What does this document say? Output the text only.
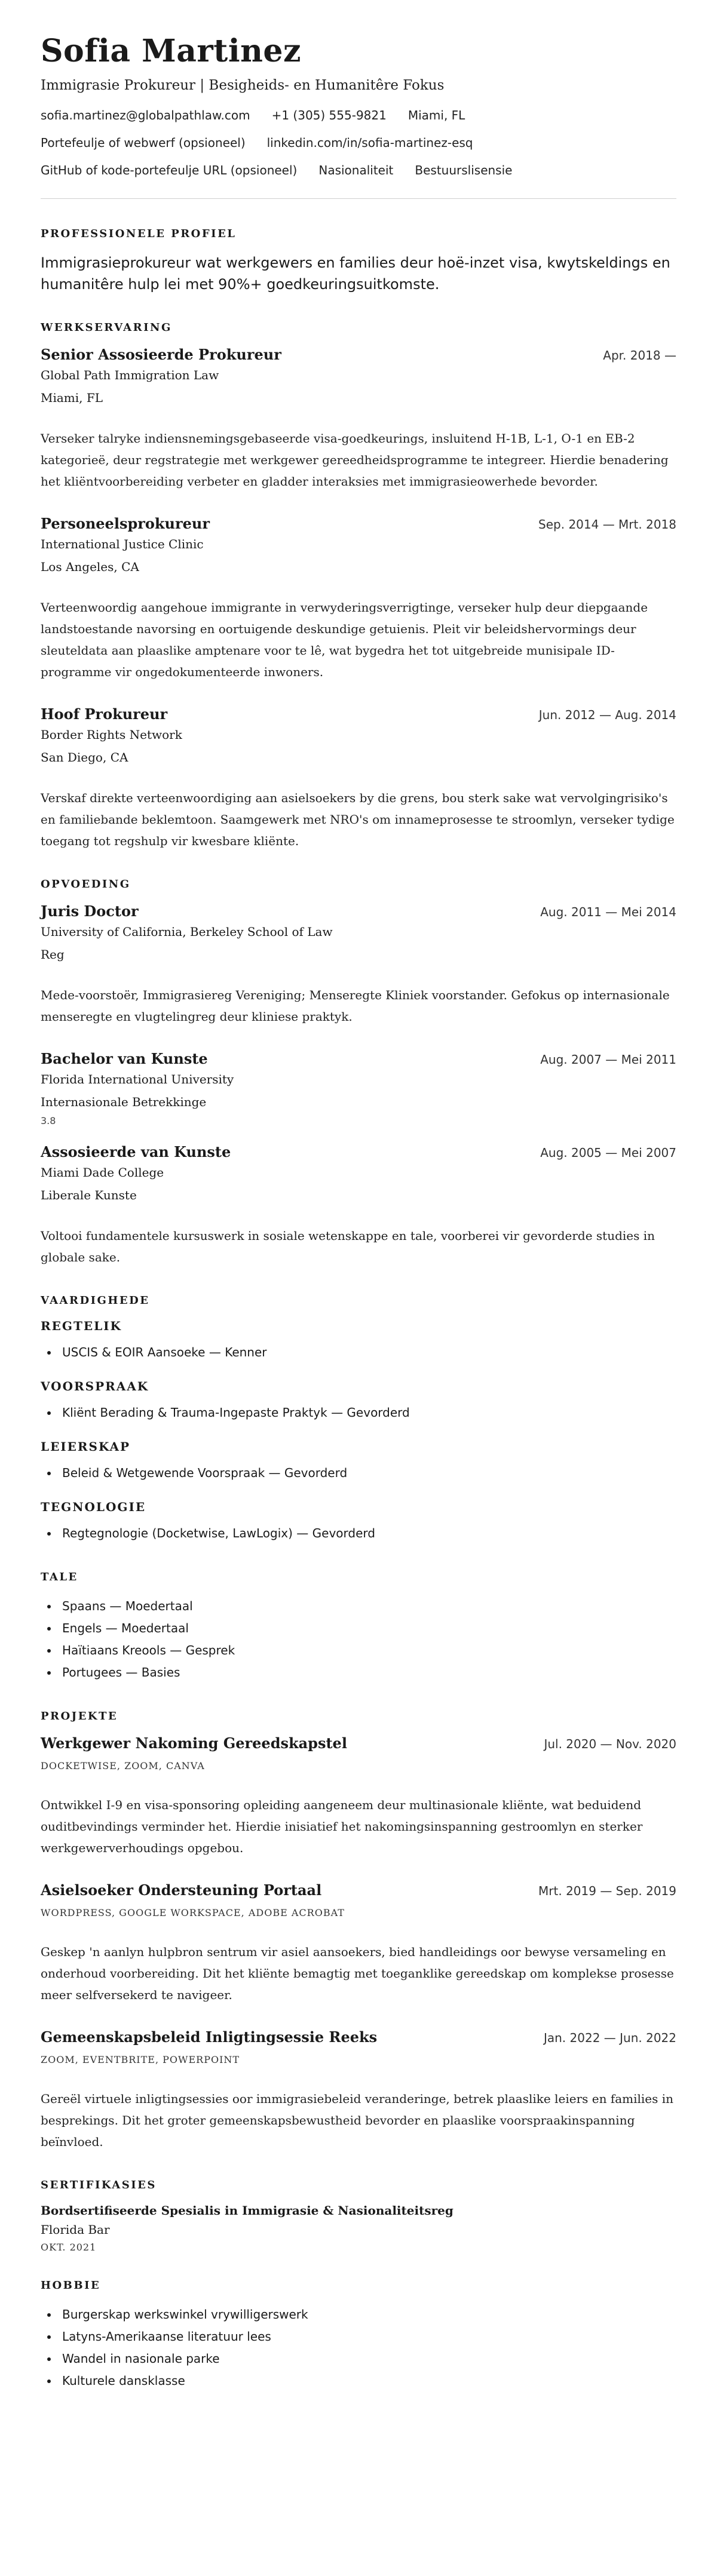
Sofia Martinez
Immigrasie Prokureur | Besigheids- en Humanitêre Fokus
sofia.martinez@globalpathlaw.com +1 (305) 555-9821 Miami, FL
Portefeulje of webwerf (opsioneel) linkedin.com/in/sofia-martinez-esq
GitHub of kode-portefeulje URL (opsioneel) Nasionaliteit Bestuurslisensie
PROFESSIONELE PROFIEL

Immigrasieprokureur wat werkgewers en families deur hoë-inzet visa, kwytskeldings en humanitêre hulp lei met 90%+ goedkeuringsuitkomste.

WERKSERVARING
Senior Assosieerde Prokureur	Apr. 2018 —
Global Path Immigration Law
Miami, FL
Verseker talryke indiensnemingsgebaseerde visa-goedkeurings, insluitend H-1B, L-1, O-1 en EB-2 kategorieë, deur regstrategie met werkgewer gereedheidsprogramme te integreer. Hierdie benadering het kliëntvoorbereiding verbeter en gladder interaksies met immigrasieowerhede bevorder.
Personeelsprokureur	Sep. 2014 — Mrt. 2018
International Justice Clinic
Los Angeles, CA
Verteenwoordig aangehoue immigrante in verwyderingsverrigtinge, verseker hulp deur diepgaande landstoestande navorsing en oortuigende deskundige getuienis. Pleit vir beleidshervormings deur sleuteldata aan plaaslike amptenare voor te lê, wat bygedra het tot uitgebreide munisipale ID-programme vir ongedokumenteerde inwoners.
Hoof Prokureur	Jun. 2012 — Aug. 2014
Border Rights Network
San Diego, CA
Verskaf direkte verteenwoordiging aan asielsoekers by die grens, bou sterk sake wat vervolgingrisiko's en familiebande beklemtoon. Saamgewerk met NRO's om innameprosesse te stroomlyn, verseker tydige toegang tot regshulp vir kwesbare kliënte.
OPVOEDING
Juris Doctor	Aug. 2011 — Mei 2014
University of California, Berkeley School of Law
Reg
Mede-voorstoër, Immigrasiereg Vereniging; Menseregte Kliniek voorstander. Gefokus op internasionale menseregte en vlugtelingreg deur kliniese praktyk.
Bachelor van Kunste	Aug. 2007 — Mei 2011
Florida International University
Internasionale Betrekkinge
3.8
Assosieerde van Kunste	Aug. 2005 — Mei 2007
Miami Dade College
Liberale Kunste
Voltooi fundamentele kursuswerk in sosiale wetenskappe en tale, voorberei vir gevorderde studies in globale sake.
VAARDIGHEDE
REGTELIK
• USCIS & EOIR Aansoeke — Kenner
VOORSPRAAK
• Kliënt Berading & Trauma-Ingepaste Praktyk — Gevorderd
LEIERSKAP
• Beleid & Wetgewende Voorspraak — Gevorderd
TEGNOLOGIE
• Regtegnologie (Docketwise, LawLogix) — Gevorderd
TALE
• Spaans — Moedertaal
• Engels — Moedertaal
• Haïtiaans Kreools — Gesprek
• Portugees — Basies
PROJEKTE
Werkgewer Nakoming Gereedskapstel	Jul. 2020 — Nov. 2020
DOCKETWISE, ZOOM, CANVA
Ontwikkel I-9 en visa-sponsoring opleiding aangeneem deur multinasionale kliënte, wat beduidend ouditbevindings verminder het. Hierdie inisiatief het nakomingsinspanning gestroomlyn en sterker werkgewerverhoudings opgebou.
Asielsoeker Ondersteuning Portaal	Mrt. 2019 — Sep. 2019
WORDPRESS, GOOGLE WORKSPACE, ADOBE ACROBAT
Geskep 'n aanlyn hulpbron sentrum vir asiel aansoekers, bied handleidings oor bewyse versameling en onderhoud voorbereiding. Dit het kliënte bemagtig met toeganklike gereedskap om komplekse prosesse meer selfversekerd te navigeer.
Gemeenskapsbeleid Inligtingsessie Reeks	Jan. 2022 — Jun. 2022
ZOOM, EVENTBRITE, POWERPOINT
Gereël virtuele inligtingsessies oor immigrasiebeleid veranderinge, betrek plaaslike leiers en families in besprekings. Dit het groter gemeenskapsbewustheid bevorder en plaaslike voorspraakinspanning beïnvloed.
SERTIFIKASIES
Bordsertifiseerde Spesialis in Immigrasie & Nasionaliteitsreg
Florida Bar
OKT. 2021
HOBBIE
• Burgerskap werkswinkel vrywilligerswerk
• Latyns-Amerikaanse literatuur lees
• Wandel in nasionale parke
• Kulturele dansklasse
